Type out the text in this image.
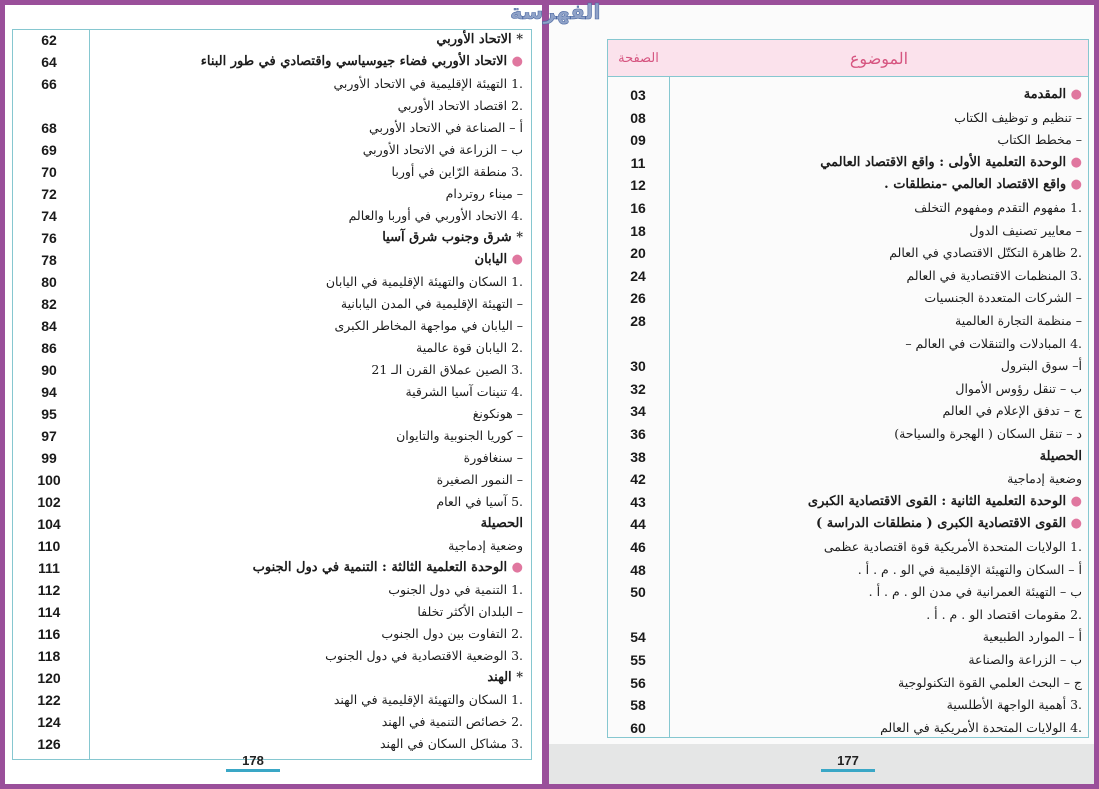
62	* الاتحاد الأوربي
64	● الاتحاد الأوربي فضاء جيوسياسي واقتصادي في طور البناء
66	.1 التهيئة الإقليمية في الاتحاد الأوربي
.2 اقتصاد الاتحاد الأوربي
68	أ – الصناعة في الاتحاد الأوربي
69	ب – الزراعة في الاتحاد الأوربي
70	.3 منطقة الرّاين في أوربا
72	– ميناء روتردام
74	.4 الاتحاد الأوربي في أوربا والعالم
76	* شرق وجنوب شرق آسيا
78	● اليابان
80	.1 السكان والتهيئة الإقليمية في اليابان
82	– التهيئة الإقليمية في المدن اليابانية
84	– اليابان في مواجهة المخاطر الكبرى
86	.2 اليابان قوة عالمية
90	.3 الصين عملاق القرن الـ 21
94	.4 تنينات آسيا الشرقية
95	– هونكونغ
97	– كوريا الجنوبية والتايوان
99	– سنغافورة
100	– النمور الصغيرة
102	.5 آسيا في العام
104	الحصيلة
110	وضعية إدماجية
111	● الوحدة التعلمية الثالثة : التنمية في دول الجنوب
112	.1 التنمية في دول الجنوب
114	– البلدان الأكثر تخلفا
116	.2 التفاوت بين دول الجنوب
118	.3 الوضعية الاقتصادية في دول الجنوب
120	* الهند
122	.1 السكان والتهيئة الإقليمية في الهند
124	.2 خصائص التنمية في الهند
126	.3 مشاكل السكان في الهند
178
الصفحة	الموضوع
03	● المقدمة
08	– تنظيم و توظيف الكتاب
09	– مخطط الكتاب
11	● الوحدة التعلمية الأولى : واقع الاقتصاد العالمي
12	● واقع الاقتصاد العالمي -منطلقات .
16	.1 مفهوم التقدم ومفهوم التخلف
18	– معايير تصنيف الدول
20	.2 ظاهرة التكتّل الاقتصادي في العالم
24	.3 المنظمات الاقتصادية في العالم
26	– الشركات المتعددة الجنسيات
28	– منظمة التجارة العالمية
.4 المبادلات والتنقلات في العالم –
30	أ– سوق البترول
32	ب – تنقل رؤوس الأموال
34	ج – تدفق الإعلام في العالم
36	د – تنقل السكان ( الهجرة والسياحة)
38	الحصيلة
42	وضعية إدماجية
43	● الوحدة التعلمية الثانية : القوى الاقتصادية الكبرى
44	● القوى الاقتصادية الكبرى ( منطلقات الدراسة )
46	.1 الولايات المتحدة الأمريكية قوة اقتصادية عظمى
48	أ – السكان والتهيئة الإقليمية في الو . م . أ .
50	ب – التهيئة العمرانية في مدن الو . م . أ .
.2 مقومات اقتصاد الو . م . أ .
54	أ – الموارد الطبيعية
55	ب – الزراعة والصناعة
56	ج – البحث العلمي القوة التكنولوجية
58	.3 أهمية الواجهة الأطلسية
60	.4 الولايات المتحدة الأمريكية في العالم
177
الفهرسة
